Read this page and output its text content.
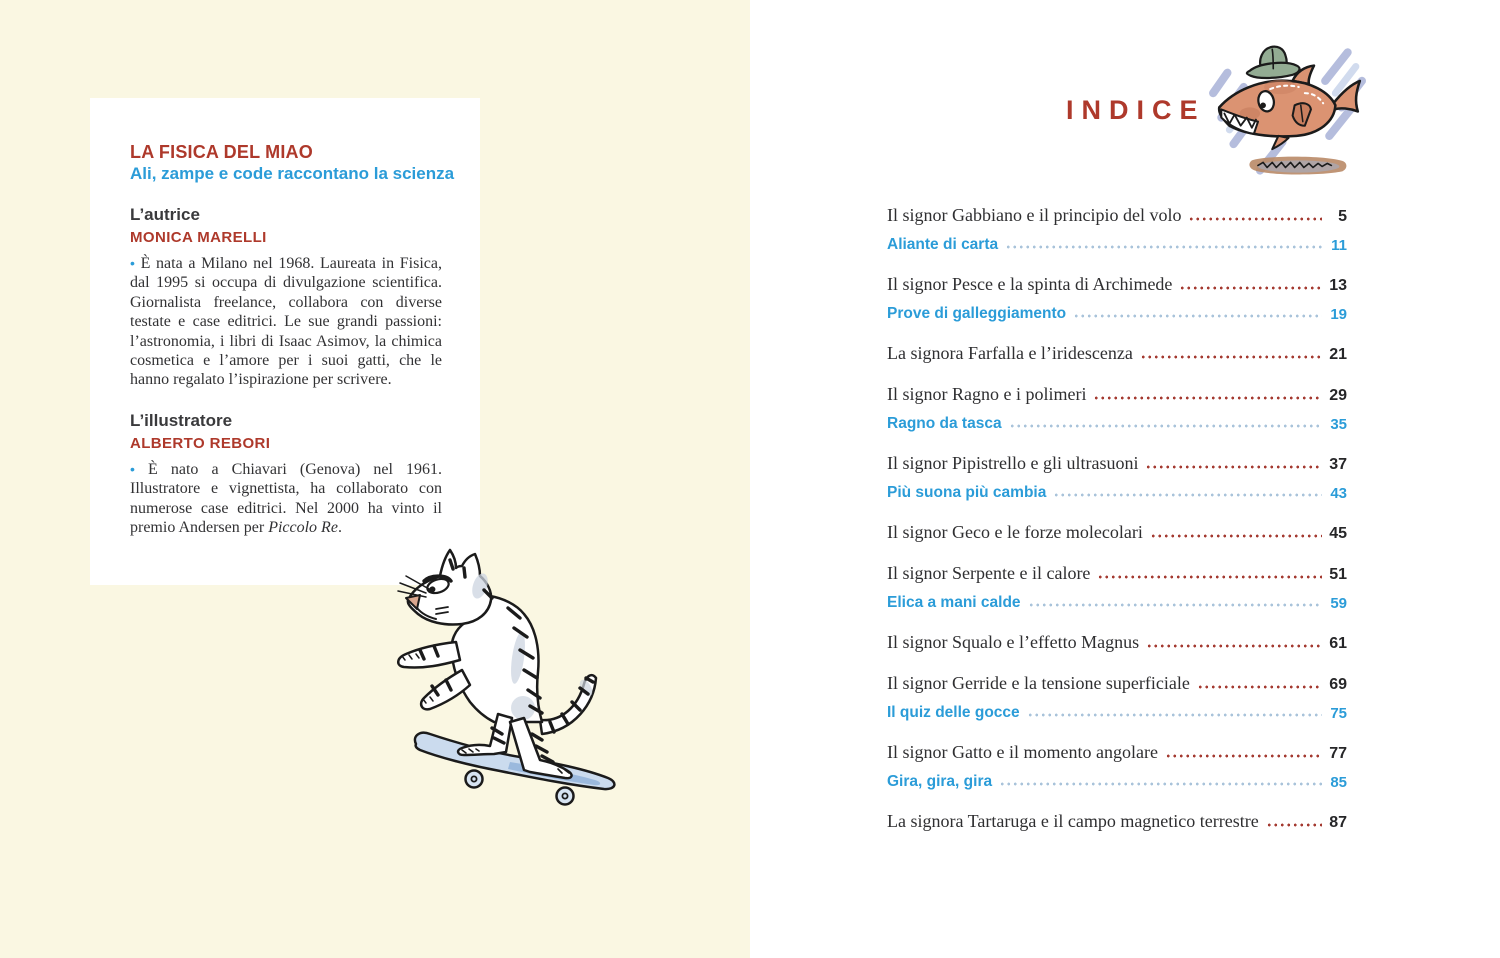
LA FISICA DEL MIAO
Ali, zampe e code raccontano la scienza
L’autrice
MONICA MARELLI

• È nata a Milano nel 1968. Laureata in Fisica, dal 1995 si occupa di divulgazione scientifica. Giornalista freelance, collabora con diverse testate e case editrici. Le sue grandi passioni: l’astronomia, i libri di Isaac Asimov, la chimica cosmetica e l’amore per i suoi gatti, che le hanno regalato l’ispirazione per scrivere.

L’illustratore
ALBERTO REBORI

• È nato a Chiavari (Genova) nel 1961. Illustratore e vignettista, ha collaborato con numerose case editrici. Nel 2000 ha vinto il premio Andersen per Piccolo Re.

INDICE
Il signor Gabbiano e il principio del volo	5
Aliante di carta	11
Il signor Pesce e la spinta di Archimede	13
Prove di galleggiamento	19
La signora Farfalla e l’iridescenza	21
Il signor Ragno e i polimeri	29
Ragno da tasca	35
Il signor Pipistrello e gli ultrasuoni	37
Più suona più cambia	43
Il signor Geco e le forze molecolari	45
Il signor Serpente e il calore	51
Elica a mani calde	59
Il signor Squalo e l’effetto Magnus	61
Il signor Gerride e la tensione superficiale	69
Il quiz delle gocce	75
Il signor Gatto e il momento angolare	77
Gira, gira, gira	85
La signora Tartaruga e il campo magnetico terrestre	87
